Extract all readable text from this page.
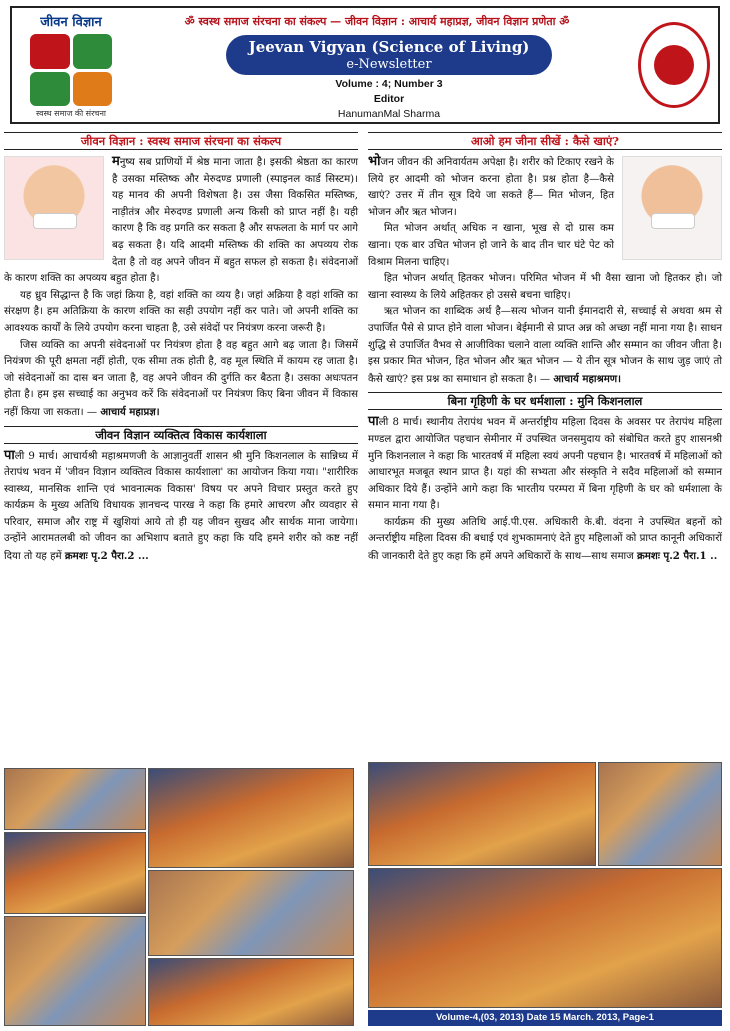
जीवन विज्ञान
स्वस्थ समाज की संरचना
ॐ स्वस्थ समाज संरचना का संकल्प — जीवन विज्ञान : आचार्य महाप्रज्ञ, जीवन विज्ञान प्रणेता ॐ
Jeevan Vigyan (Science of Living)
e-Newsletter
Volume : 4; Number 3
Editor
HanumanMal Sharma
जीवन विज्ञान : स्वस्थ समाज संरचना का संकल्प

मनुष्य सब प्राणियों में श्रेष्ठ माना जाता है। इसकी श्रेष्ठता का कारण है उसका मस्तिष्क और मेरुदण्ड प्रणाली (स्पाइनल कार्ड सिस्टम)। यह मानव की अपनी विशेषता है। उस जैसा विकसित मस्तिष्क, नाड़ीतंत्र और मेरुदण्ड प्रणाली अन्य किसी को प्राप्त नहीं है। यही कारण है कि वह प्रगति कर सकता है और सफलता के मार्ग पर आगे बढ़ सकता है। यदि आदमी मस्तिष्क की शक्ति का अपव्यय रोक देता है तो वह अपने जीवन में बहुत सफल हो सकता है। संवेदनाओं के कारण शक्ति का अपव्यय बहुत होता है।

यह ध्रुव सिद्धान्त है कि जहां क्रिया है, वहां शक्ति का व्यय है। जहां अक्रिया है वहां शक्ति का संरक्षण है। हम अतिक्रिया के कारण शक्ति का सही उपयोग नहीं कर पाते। जो अपनी शक्ति का आवश्यक कार्यों के लिये उपयोग करना चाहता है, उसे संवेदों पर नियंत्रण करना जरूरी है।

जिस व्यक्ति का अपनी संवेदनाओं पर नियंत्रण होता है वह बहुत आगे बढ़ जाता है। जिसमें नियंत्रण की पूरी क्षमता नहीं होती, एक सीमा तक होती है, वह मूल स्थिति में कायम रह जाता है। जो संवेदनाओं का दास बन जाता है, वह अपने जीवन की दुर्गति कर बैठता है। उसका अधःपतन होता है। हम इस सच्चाई का अनुभव करें कि संवेदनाओं पर नियंत्रण किए बिना जीवन में विकास नहीं किया जा सकता। — आचार्य महाप्रज्ञ।

जीवन विज्ञान व्यक्तित्व विकास कार्यशाला

पाली 9 मार्च। आचार्यश्री महाश्रमणजी के आज्ञानुवर्ती शासन श्री मुनि किशनलाल के सान्निध्य में तेरापंथ भवन में 'जीवन विज्ञान व्यक्तित्व विकास कार्यशाला' का आयोजन किया गया। "शारीरिक स्वास्थ्य, मानसिक शान्ति एवं भावनात्मक विकास' विषय पर अपने विचार प्रस्तुत करते हुए कार्यक्रम के मुख्य अतिथि विधायक ज्ञानचन्द पारख ने कहा कि हमारे आचरण और व्यवहार से परिवार, समाज और राष्ट्र में खुशियां आये तो ही यह जीवन सुखद और सार्थक माना जायेगा। उन्होंने आरामतलबी को जीवन का अभिशाप बताते हुए कहा कि यदि हमने शरीर को कष्ट नहीं दिया तो यह हमें क्रमशः पृ.2 पैरा.2 ...

आओ हम जीना सीखें : कैसे खाएं?

भोजन जीवन की अनिवार्यतम अपेक्षा है। शरीर को टिकाए रखने के लिये हर आदमी को भोजन करना होता है। प्रश्न होता है—कैसे खाएं? उत्तर में तीन सूत्र दिये जा सकते हैं— मित भोजन, हित भोजन और ऋत भोजन।

मित भोजन अर्थात् अधिक न खाना, भूख से दो ग्रास कम खाना। एक बार उचित भोजन हो जाने के बाद तीन चार घंटे पेट को विश्राम मिलना चाहिए।

हित भोजन अर्थात् हितकर भोजन। परिमित भोजन में भी वैसा खाना जो हितकर हो। जो खाना स्वास्थ्य के लिये अहितकर हो उससे बचना चाहिए।

ऋत भोजन का शाब्दिक अर्थ है—सत्य भोजन यानी ईमानदारी से, सच्चाई से अथवा श्रम से उपार्जित पैसे से प्राप्त होने वाला भोजन। बेईमानी से प्राप्त अन्न को अच्छा नहीं माना गया है। साधन शुद्धि से उपार्जित वैभव से आजीविका चलाने वाला व्यक्ति शान्ति और सम्मान का जीवन जीता है। इस प्रकार मित भोजन, हित भोजन और ऋत भोजन — ये तीन सूत्र भोजन के साथ जुड़ जाएं तो कैसे खाएं? इस प्रश्न का समाधान हो सकता है। — आचार्य महाश्रमण।

बिना गृहिणी के घर धर्मशाला : मुनि किशनलाल

पाली 8 मार्च। स्थानीय तेरापंथ भवन में अन्तर्राष्ट्रीय महिला दिवस के अवसर पर तेरापंथ महिला मण्डल द्वारा आयोजित पहचान सेमीनार में उपस्थित जनसमुदाय को संबोधित करते हुए शासनश्री मुनि किशनलाल ने कहा कि भारतवर्ष में महिला स्वयं अपनी पहचान है। भारतवर्ष में महिलाओं को आधारभूत मजबूत स्थान प्राप्त है। यहां की सभ्यता और संस्कृति ने सदैव महिलाओं को सम्मान अधिकार दिये हैं। उन्होंने आगे कहा कि भारतीय परम्परा में बिना गृहिणी के घर को धर्मशाला के समान माना गया है।

कार्यक्रम की मुख्य अतिथि आई.पी.एस. अधिकारी के.बी. वंदना ने उपस्थित बहनों को अन्तर्राष्ट्रीय महिला दिवस की बधाई एवं शुभकामनाएं देते हुए महिलाओं को प्राप्त कानूनी अधिकारों की जानकारी देते हुए कहा कि हमें अपने अधिकारों के साथ—साथ समाज क्रमशः पृ.2 पैरा.1 ..

Volume-4,(03, 2013) Date 15 March. 2013, Page-1
